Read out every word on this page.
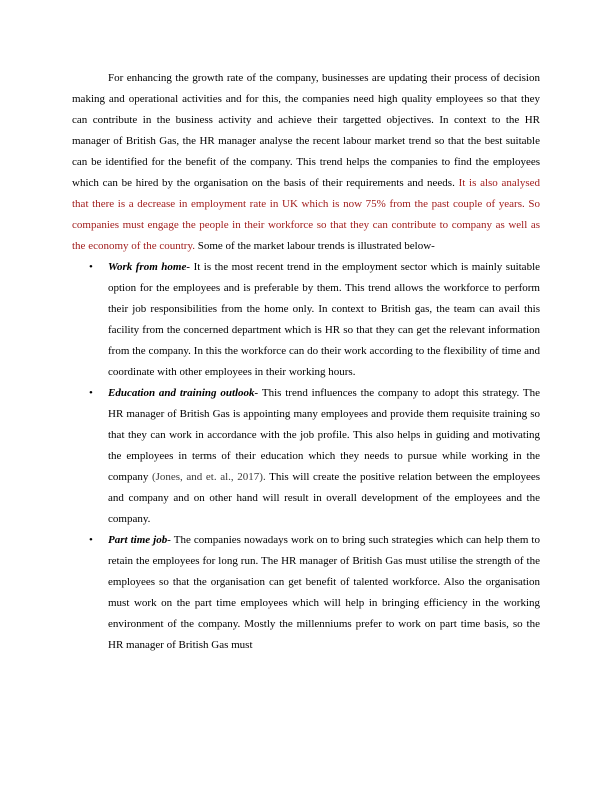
For enhancing the growth rate of the company, businesses are updating their process of decision making and operational activities and for this, the companies need high quality employees so that they can contribute in the business activity and achieve their targetted objectives. In context to the HR manager of British Gas, the HR manager analyse the recent labour market trend so that the best suitable can be identified for the benefit of the company. This trend helps the companies to find the employees which can be hired by the organisation on the basis of their requirements and needs. It is also analysed that there is a decrease in employment rate in UK which is now 75% from the past couple of years. So companies must engage the people in their workforce so that they can contribute to company as well as the economy of the country. Some of the market labour trends is illustrated below-

• Work from home- It is the most recent trend in the employment sector which is mainly suitable option for the employees and is preferable by them. This trend allows the workforce to perform their job responsibilities from the home only. In context to British gas, the team can avail this facility from the concerned department which is HR so that they can get the relevant information from the company. In this the workforce can do their work according to the flexibility of time and coordinate with other employees in their working hours.
• Education and training outlook- This trend influences the company to adopt this strategy. The HR manager of British Gas is appointing many employees and provide them requisite training so that they can work in accordance with the job profile. This also helps in guiding and motivating the employees in terms of their education which they needs to pursue while working in the company (Jones, and et. al., 2017). This will create the positive relation between the employees and company and on other hand will result in overall development of the employees and the company.
• Part time job- The companies nowadays work on to bring such strategies which can help them to retain the employees for long run. The HR manager of British Gas must utilise the strength of the employees so that the organisation can get benefit of talented workforce. Also the organisation must work on the part time employees which will help in bringing efficiency in the working environment of the company. Mostly the millenniums prefer to work on part time basis, so the HR manager of British Gas must
